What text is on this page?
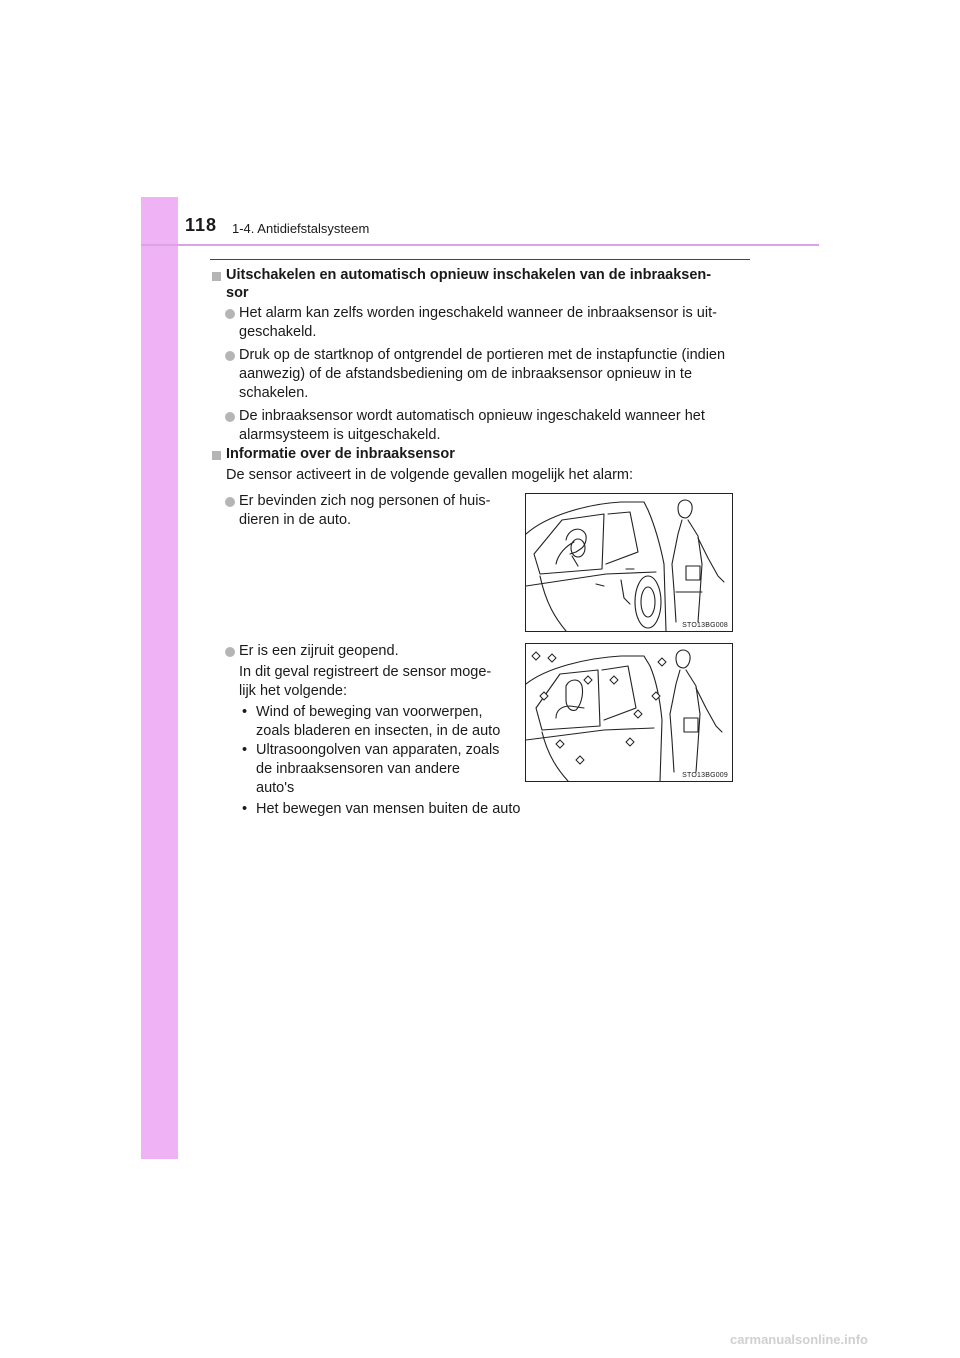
118 1-4. Antidiefstalsysteem
Uitschakelen en automatisch opnieuw inschakelen van de inbraaksen-
sor
Het alarm kan zelfs worden ingeschakeld wanneer de inbraaksensor is uit-
geschakeld.
Druk op de startknop of ontgrendel de portieren met de instapfunctie (indien
aanwezig) of de afstandsbediening om de inbraaksensor opnieuw in te
schakelen.
De inbraaksensor wordt automatisch opnieuw ingeschakeld wanneer het
alarmsysteem is uitgeschakeld.
Informatie over de inbraaksensor
De sensor activeert in de volgende gevallen mogelijk het alarm:
Er bevinden zich nog personen of huis-
dieren in de auto.
Er is een zijruit geopend.
In dit geval registreert de sensor moge-
lijk het volgende:
• Wind of beweging van voorwerpen,
zoals bladeren en insecten, in de auto
• Ultrasoongolven van apparaten, zoals
de inbraaksensoren van andere
auto's
• Het bewegen van mensen buiten de auto
STO13BG008
STO13BG009
carmanualsonline.info
